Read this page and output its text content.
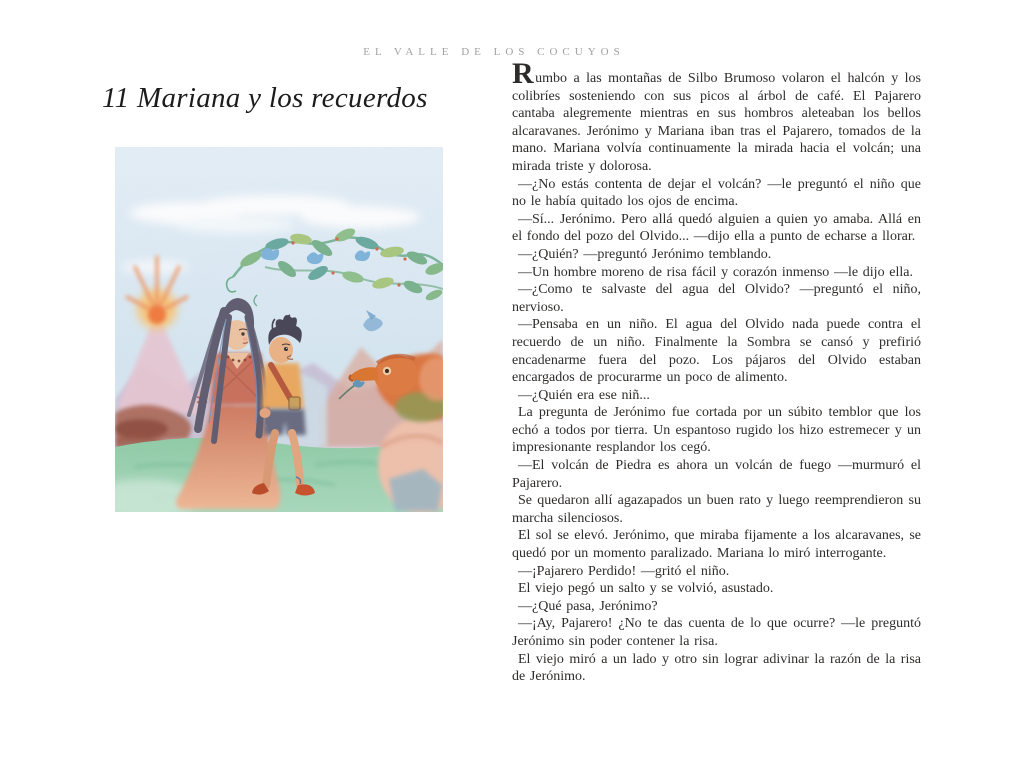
EL VALLE DE LOS COCUYOS
11 Mariana y los recuerdos

Rumbo a las montañas de Silbo Brumoso volaron el halcón y los colibríes sosteniendo con sus picos al árbol de café. El Pajarero cantaba alegremente mientras en sus hombros aleteaban los bellos alcaravanes. Jerónimo y Mariana iban tras el Pajarero, tomados de la mano. Mariana volvía continuamente la mirada hacia el volcán; una mirada triste y dolorosa.

—¿No estás contenta de dejar el volcán? —le preguntó el niño que no le había quitado los ojos de encima.

—Sí... Jerónimo. Pero allá quedó alguien a quien yo amaba. Allá en el fondo del pozo del Olvido... —dijo ella a punto de echarse a llorar.

—¿Quién? —preguntó Jerónimo temblando.

—Un hombre moreno de risa fácil y corazón inmenso —le dijo ella.

—¿Como te salvaste del agua del Olvido? —preguntó el niño, nervioso.

—Pensaba en un niño. El agua del Olvido nada puede contra el recuerdo de un niño. Finalmente la Sombra se cansó y prefirió encadenarme fuera del pozo. Los pájaros del Olvido estaban encargados de procurarme un poco de alimento.

—¿Quién era ese niñ...

La pregunta de Jerónimo fue cortada por un súbito temblor que los echó a todos por tierra. Un espantoso rugido los hizo estremecer y un impresionante resplandor los cegó.

—El volcán de Piedra es ahora un volcán de fuego —murmuró el Pajarero.

Se quedaron allí agazapados un buen rato y luego reemprendieron su marcha silenciosos.

El sol se elevó. Jerónimo, que miraba fijamente a los alcaravanes, se quedó por un momento paralizado. Mariana lo miró interrogante.

—¡Pajarero Perdido! —gritó el niño.

El viejo pegó un salto y se volvió, asustado.

—¿Qué pasa, Jerónimo?

—¡Ay, Pajarero! ¿No te das cuenta de lo que ocurre? —le preguntó Jerónimo sin poder contener la risa.

El viejo miró a un lado y otro sin lograr adivinar la razón de la risa de Jerónimo.
